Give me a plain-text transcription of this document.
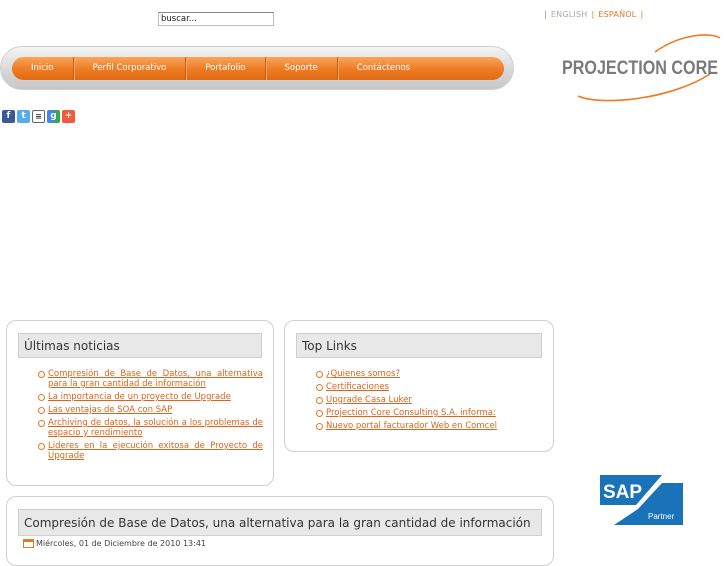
buscar...
| ENGLISH | ESPAÑOL |
Inicio	Perfil Corporativo	Portafolio	Soporte	Contáctenos	PROJECTION CORE
f	t	≡ g +
Últimas noticias
Compresión de Base de Datos, una alternativa para la gran cantidad de información
La importancia de un proyecto de Upgrade
Las ventajas de SOA con SAP
Archiving de datos, la solución a los problemas de espacio y rendimiento
Lideres en la ejecución exitosa de Proyecto de Upgrade
Top Links
¿Quienes somos?
Certificaciones
Upgrade Casa Luker
Projection Core Consulting S.A. informa:
Nuevo portal facturador Web en Comcel
Compresión de Base de Datos, una alternativa para la gran cantidad de información
Miércoles, 01 de Diciembre de 2010 13:41
SAP
Partner
